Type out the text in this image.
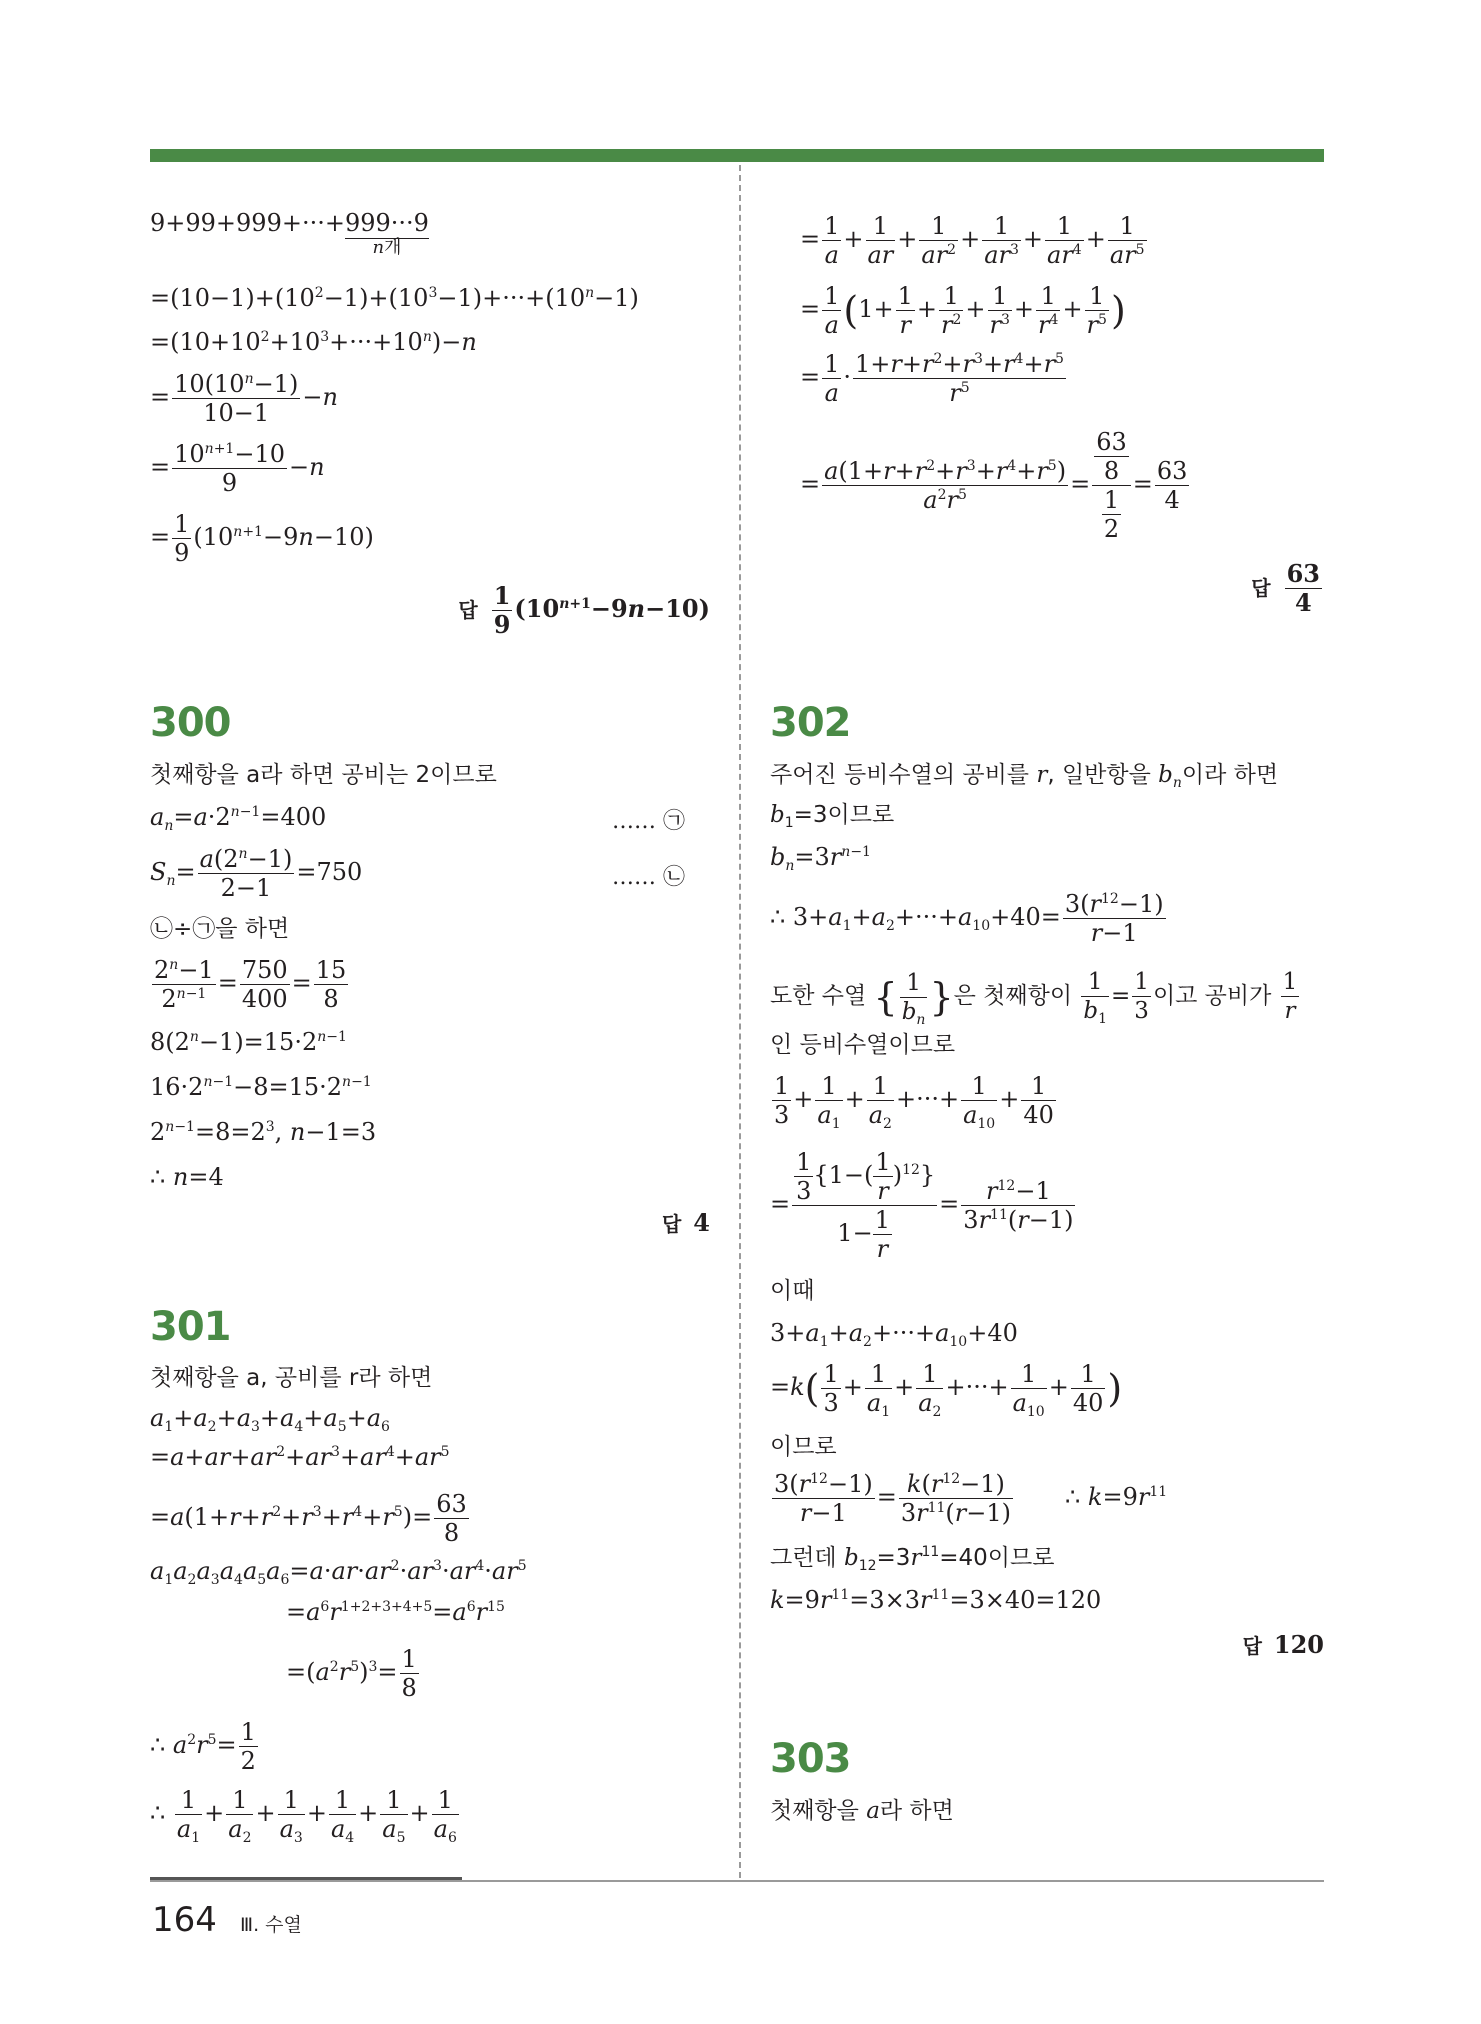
9+99+999+···+ 999···9
n개
$=(10-1)+(10^2-1)+(10^3-1)+\cdot\cdot\cdot+(10^n-1)$
$=(10+10^2+10^3+\cdot\cdot\cdot+10^n)-n$
= $\frac{10(10^n-1)}{10-1} -n$
= $\frac{10^{n+1}-10}{9} -n$
= $\frac{1}{9} (10^{n+1}-9n-10)$
답 $\frac{1}{9} (10^{n+1}-9n-10)$
300
첫째항을 a라 하면 공비는 2이므로
$a_n=a\cdot 2^{n-1}=400$	…… ㉠
$S_n= \frac{a(2^n-1)}{2-1} =750$	…… ㉡
㉡÷㉠을 하면
$\frac{2^n-1}{2^{n-1}} = \frac{750}{400} = \frac{15}{8}$
$8(2^n-1)=15\cdot 2^{n-1}$
$16\cdot 2^{n-1}-8=15\cdot 2^{n-1}$
$2^{n-1}=8=2^3$, n−1=3
∴ n=4
답 4
301
첫째항을 a, 공비를 r라 하면
$a_1+a_2+a_3+a_4+a_5+a_6$
$=a+ar+ar^2+ar^3+ar^4+ar^5$
$=a(1+r+r^2+r^3+r^4+r^5)= \frac{63}{8}$
$a_1a_2a_3a_4a_5a_6=a\cdot ar\cdot ar^2\cdot ar^3\cdot ar^4\cdot ar^5$
$=a^6r^{1+2+3+4+5}=a^6r^{15}$
$=(a^2r^5)^3= \frac{1}{8}$
∴ $a^2r^5= \frac{1}{2}$
∴ $\frac{1}{a_1} + \frac{1}{a_2} + \frac{1}{a_3} + \frac{1}{a_4} + \frac{1}{a_5} + \frac{1}{a_6}$
= $\frac{1}{a} + \frac{1}{ar} + \frac{1}{ar^2} + \frac{1}{ar^3} + \frac{1}{ar^4} + \frac{1}{ar^5}$
= $\frac{1}{a} (1+ \frac{1}{r} + \frac{1}{r^2} + \frac{1}{r^3} + \frac{1}{r^4} + \frac{1}{r^5}$ )
= $\frac{1}{a} \cdot \frac{1+r+r^2+r^3+r^4+r^5}{r^5}$
= $\frac{a(1+r+r^2+r^3+r^4+r^5)}{a^2r^5} = \frac{\frac{63}{8}}{\frac{1}{2}} = \frac{63}{4}$
답 $\frac{63}{4}$
302
주어진 등비수열의 공비를 r, 일반항을 $b_n$이라 하면
$b_1=3$이므로
$b_n=3r^{n-1}$
∴ $3+a_1+a_2+\cdot\cdot\cdot+a_{10}+40= \frac{3(r^{12}-1)}{r-1}$
도한 수열 { $\frac{1}{b_n}$ }은 첫째항이 $\frac{1}{b_1} = \frac{1}{3}$ 이고 공비가 $\frac{1}{r}$
인 등비수열이므로
$\frac{1}{3} + \frac{1}{a_1} + \frac{1}{a_2}$ +···+ $\frac{1}{a_{10}} + \frac{1}{40}$
= $\frac{\frac{1}{3} \{1-( \frac{1}{r} )^{12}\}}{1- \frac{1}{r}} = \frac{r^{12}-1}{3r^{11}(r-1)}$
이때
$3+a_1+a_2+\cdot\cdot\cdot+a_{10}+40$
$=k( \frac{1}{3} + \frac{1}{a_1} + \frac{1}{a_2}$ +···+ $\frac{1}{a_{10}} + \frac{1}{40}$ )
이므로
$\frac{3(r^{12}-1)}{r-1} = \frac{k(r^{12}-1)}{3r^{11}(r-1)}$ ∴ $k=9r^{11}$
그런데 $b_{12}=3r^{11}=40$이므로
$k=9r^{11}=3\times 3r^{11}=3\times 40=120$
답 120
303
첫째항을 a라 하면
164 Ⅲ. 수열
